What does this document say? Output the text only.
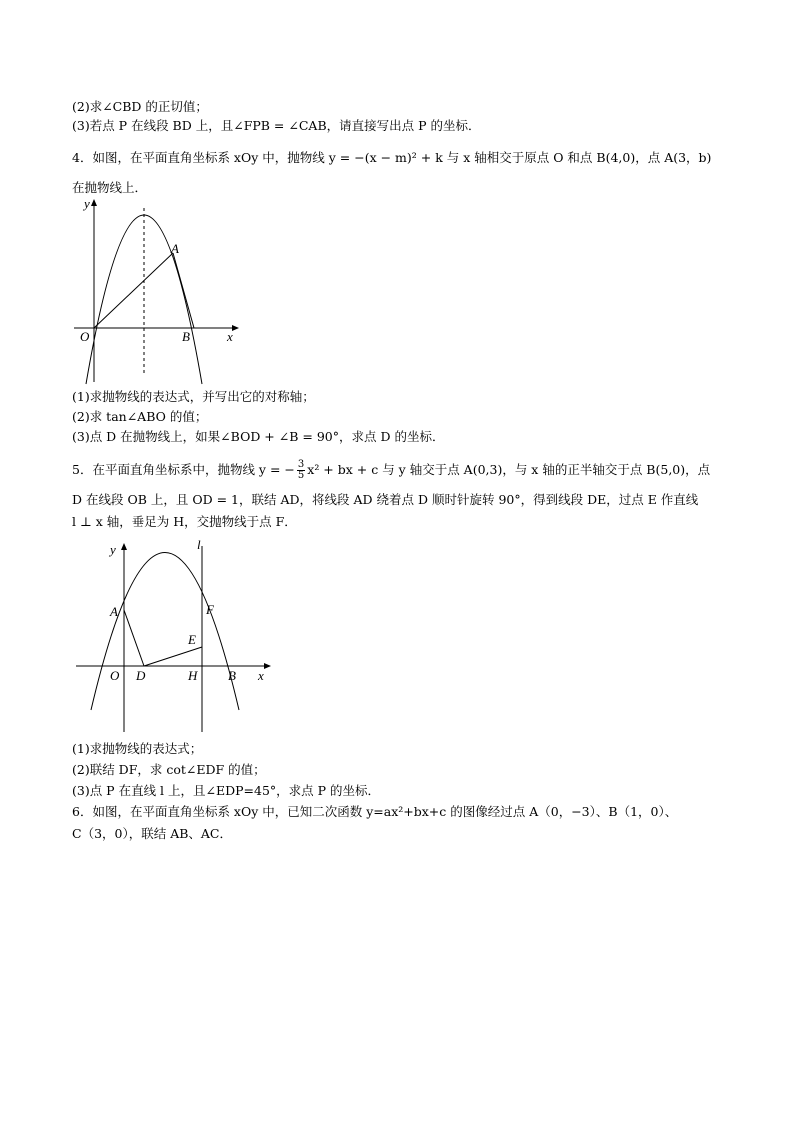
(2)求∠CBD 的正切值；
(3)若点 P 在线段 BD 上，且∠FPB = ∠CAB，请直接写出点 P 的坐标．
4．如图，在平面直角坐标系 xOy 中，抛物线 y = −(x − m)² + k 与 x 轴相交于原点 O 和点 B(4,0)，点 A(3，b)
在抛物线上．
y
x
O
A
B
(1)求抛物线的表达式，并写出它的对称轴；
(2)求 tan∠ABO 的值；
(3)点 D 在抛物线上，如果∠BOD + ∠B = 90°，求点 D 的坐标．
5．在平面直角坐标系中，抛物线 y = − $\frac{3}{5} x^2$ + bx + c 与 y 轴交于点 A(0,3)，与 x 轴的正半轴交于点 B(5,0)，点
D 在线段 OB 上，且 OD = 1，联结 AD，将线段 AD 绕着点 D 顺时针旋转 90°，得到线段 DE，过点 E 作直线
l ⊥ x 轴，垂足为 H，交抛物线于点 F．
y	l
A	F
E
O D	H B x
(1)求抛物线的表达式；
(2)联结 DF，求 cot∠EDF 的值；
(3)点 P 在直线 l 上，且∠EDP=45°，求点 P 的坐标．
6．如图，在平面直角坐标系 xOy 中，已知二次函数 y=ax²+bx+c 的图像经过点 A（0，−3）、B（1，0）、
C（3，0），联结 AB、AC．
